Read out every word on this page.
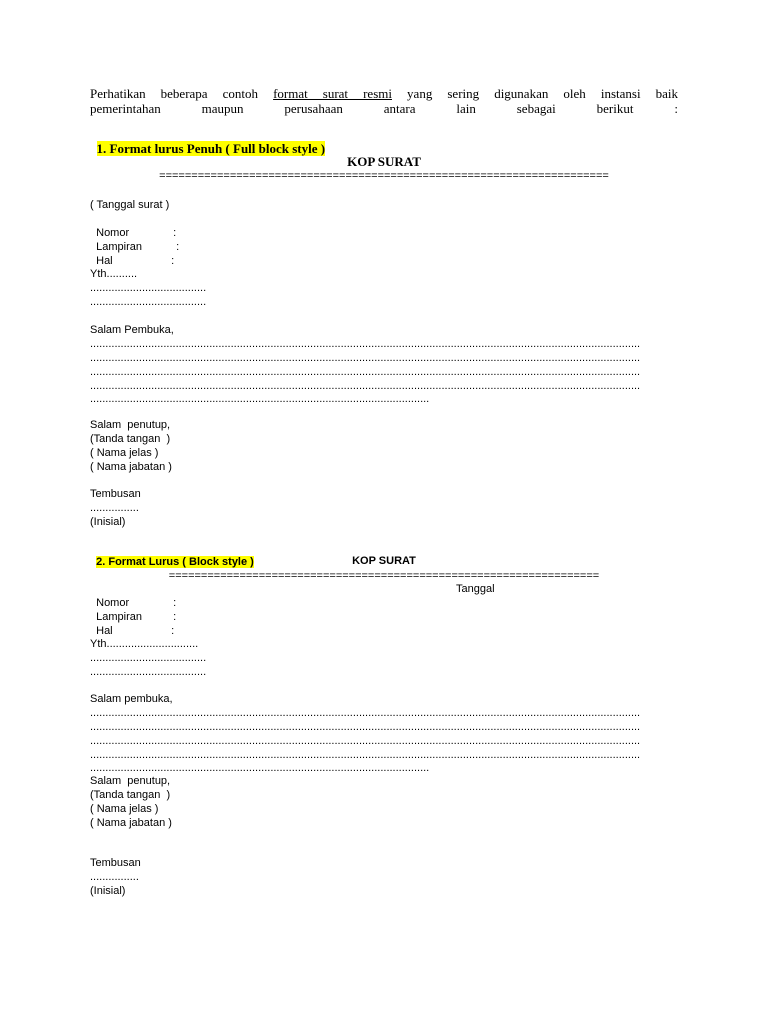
Perhatikan beberapa contoh format surat resmi yang sering digunakan oleh instansi baik
pemerintahan	maupun	perusahaan	antara	lain	sebagai	berikut	:

1. Format lurus Penuh ( Full block style )

KOP SURAT
======================================================================
( Tanggal surat )

Nomor	:

Lampiran	:

Hal	:

Yth..........
......................................
......................................
Salam Pembuka,
....................................................................................................................................................................................
....................................................................................................................................................................................
....................................................................................................................................................................................
....................................................................................................................................................................................
...............................................................................................................
Salam  penutup,
(Tanda tangan  )
( Nama jelas )
( Nama jabatan )
Tembusan
................
(Inisial)

2. Format Lurus ( Block style )	KOP SURAT
===================================================================

Nomor	:

Tanggal

Lampiran	:

Hal	:

Yth..............................
......................................
......................................
Salam pembuka,
....................................................................................................................................................................................
....................................................................................................................................................................................
....................................................................................................................................................................................
....................................................................................................................................................................................
...............................................................................................................
Salam  penutup,
(Tanda tangan  )
( Nama jelas )
( Nama jabatan )
Tembusan
................
(Inisial)
